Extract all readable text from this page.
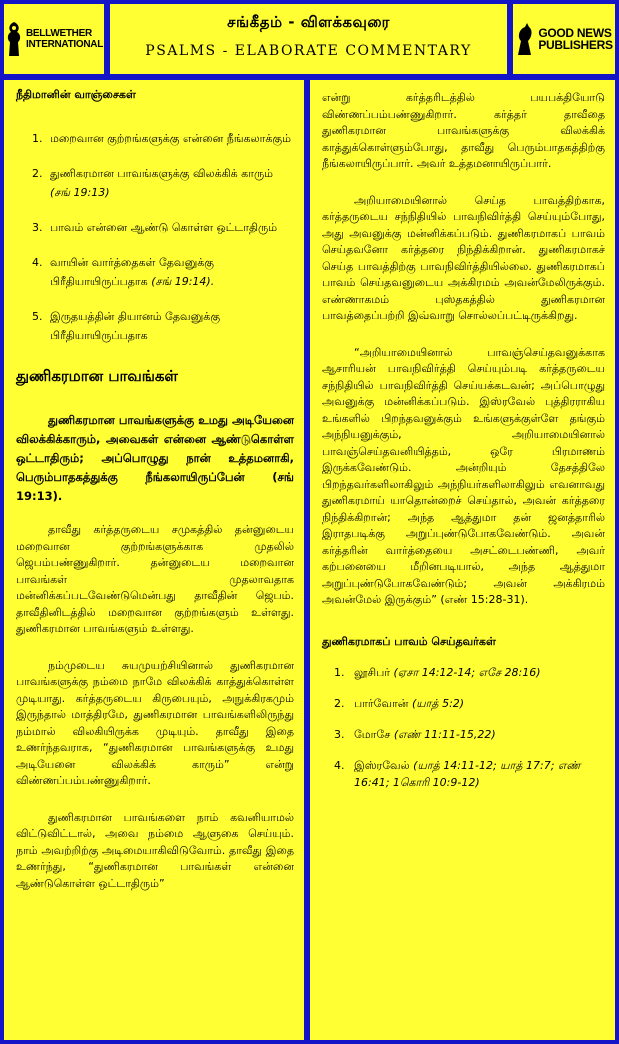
BELLWETHER
INTERNATIONAL
சங்கீதம் - விளக்கவுரை
PSALMS - ELABORATE COMMENTARY
GOOD NEWS
PUBLISHERS
நீதிமானின் வாஞ்சைகள்
1. மறைவான குற்றங்களுக்கு என்னை நீங்கலாக்கும்
2. துணிகரமான பாவங்களுக்கு விலக்கிக் காரும் (சங் 19:13)
3. பாவம் என்னை ஆண்டு கொள்ள ஒட்டாதிரும்
4. வாயின் வார்த்தைகள் தேவனுக்கு பிரீதியாயிருப்பதாக (சங் 19:14).
5. இருதயத்தின் தியானம் தேவனுக்கு பிரீதியாயிருப்பதாக
துணிகரமான பாவங்கள்

துணிகரமான பாவங்களுக்கு உமது அடியேனை விலக்கிக்காரும், அவைகள் என்னை ஆண்டுகொள்ள ஒட்டாதிரும்; அப்பொழுது நான் உத்தமனாகி, பெரும்பாதகத்துக்கு நீங்கலாயிருப்பேன் (சங் 19:13).

தாவீது கர்த்தருடைய சமுகத்தில் தன்னுடைய மறைவான குற்றங்களுக்காக முதலில் ஜெபம்பண்ணுகிறார். தன்னுடைய மறைவான பாவங்கள் முதலாவதாக மன்னிக்கப்படவேண்டுமென்பது தாவீதின் ஜெபம். தாவீதினிடத்தில் மறைவான குற்றங்களும் உள்ளது. துணிகரமான பாவங்களும் உள்ளது.

நம்முடைய சுயமுயற்சியினால் துணிகரமான பாவங்களுக்கு நம்மை நாமே விலக்கிக் காத்துக்கொள்ள முடியாது. கர்த்தருடைய கிருபையும், அநுக்கிரகமும் இருந்தால் மாத்திரமே, துணிகரமான பாவங்களிலிருந்து நம்மால் விலகியிருக்க முடியும். தாவீது இதை உணர்ந்தவராக, “துணிகரமான பாவங்களுக்கு உமது அடியேனை விலக்கிக் காரும்” என்று விண்ணப்பம்பண்ணுகிறார்.

துணிகரமான பாவங்களை நாம் கவனியாமல் விட்டுவிட்டால், அவை நம்மை ஆளுகை செய்யும். நாம் அவற்றிற்கு அடிமையாகிவிடுவோம். தாவீது இதை உணர்ந்து, “துணிகரமான பாவங்கள் என்னை ஆண்டுகொள்ள ஒட்டாதிரும்”

என்று கர்த்தரிடத்தில் பயபக்தியோடு விண்ணப்பம்பண்ணுகிறார். கர்த்தர் தாவீதை துணிகரமான பாவங்களுக்கு விலக்கிக் காத்துக்கொள்ளும்போது, தாவீது பெரும்பாதகத்திற்கு நீங்கலாயிருப்பார். அவர் உத்தமனாயிருப்பார்.

அறியாமையினால் செய்த பாவத்திற்காக, கர்த்தருடைய சந்நிதியில் பாவநிவிர்த்தி செய்யும்போது, அது அவனுக்கு மன்னிக்கப்படும். துணிகரமாகப் பாவம் செய்தவனோ கர்த்தரை நிந்திக்கிறான். துணிகரமாகச் செய்த பாவத்திற்கு பாவநிவிர்த்தியில்லை. துணிகரமாகப் பாவம் செய்தவனுடைய அக்கிரமம் அவன்மேலிருக்கும். எண்ணாகமம் புஸ்தகத்தில் துணிகரமான பாவத்தைப்பற்றி இவ்வாறு சொல்லப்பட்டிருக்கிறது.

“அறியாமையினால் பாவஞ்செய்தவனுக்காக ஆசாரியன் பாவநிவிர்த்தி செய்யும்படி கர்த்தருடைய சந்நிதியில் பாவநிவிர்த்தி செய்யக்கடவன்; அப்பொழுது அவனுக்கு மன்னிக்கப்படும். இஸ்ரவேல் புத்திரராகிய உங்களில் பிறந்தவனுக்கும் உங்களுக்குள்ளே தங்கும் அந்நியனுக்கும், அறியாமையினால் பாவஞ்செய்தவனியித்தம், ஒரே பிரமாணம் இருக்கவேண்டும். அன்றியும் தேசத்திலே பிறந்தவர்களிலாகிலும் அந்நியர்களிலாகிலும் எவனாவது துணிகரமாய் யாதொன்றைச் செய்தால், அவன் கர்த்தரை நிந்திக்கிறான்; அந்த ஆத்துமா தன் ஜனத்தாரில் இராதபடிக்கு அறுப்புண்டுபோகவேண்டும். அவன் கர்த்தரின் வார்த்தையை அசட்டைபண்ணி, அவர் கற்பனையை மீறினபடியால், அந்த ஆத்துமா அறுப்புண்டுபோகவேண்டும்; அவன் அக்கிரமம் அவன்மேல் இருக்கும்” (எண் 15:28-31).

துணிகரமாகப் பாவம் செய்தவர்கள்
1. லூசிபர் (ஏசா 14:12-14; எசே 28:16)
2. பார்வோன் (யாத் 5:2)
3. மோசே (எண் 11:11-15,22)
4. இஸ்ரவேல் (யாத் 14:11-12; யாத் 17:7; எண் 16:41; 1கொரி 10:9-12)
